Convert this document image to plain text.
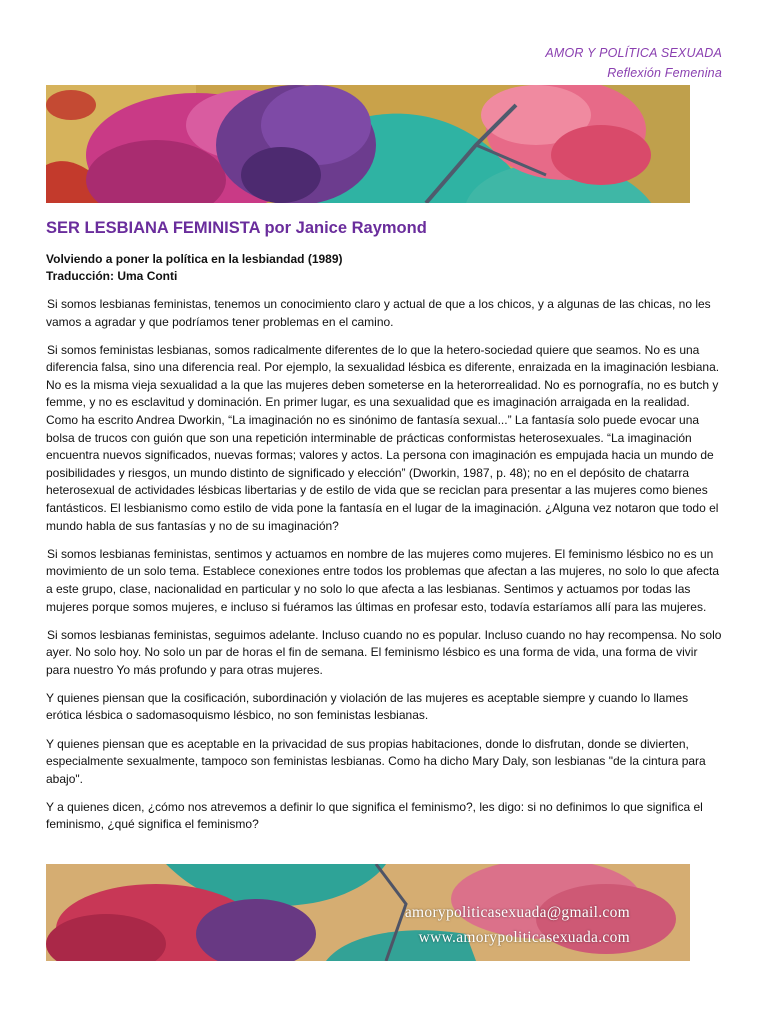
AMOR Y POLÍTICA SEXUADA
Reflexión Femenina
SER LESBIANA FEMINISTA por Janice Raymond
Volviendo a poner la política en la lesbiandad (1989)
Traducción: Uma Conti

Si somos lesbianas feministas, tenemos un conocimiento claro y actual de que a los chicos, y a algunas de las chicas, no les vamos a agradar y que podríamos tener problemas en el camino.

Si somos feministas lesbianas, somos radicalmente diferentes de lo que la hetero-sociedad quiere que seamos. No es una diferencia falsa, sino una diferencia real. Por ejemplo, la sexualidad lésbica es diferente, enraizada en la imaginación lesbiana. No es la misma vieja sexualidad a la que las mujeres deben someterse en la heterorrealidad. No es pornografía, no es butch y femme, y no es esclavitud y dominación. En primer lugar, es una sexualidad que es imaginación arraigada en la realidad. Como ha escrito Andrea Dworkin, “La imaginación no es sinónimo de fantasía sexual...” La fantasía solo puede evocar una bolsa de trucos con guión que son una repetición interminable de prácticas conformistas heterosexuales. “La imaginación encuentra nuevos significados, nuevas formas; valores y actos. La persona con imaginación es empujada hacia un mundo de posibilidades y riesgos, un mundo distinto de significado y elección” (Dworkin, 1987, p. 48); no en el depósito de chatarra heterosexual de actividades lésbicas libertarias y de estilo de vida que se reciclan para presentar a las mujeres como bienes fantásticos. El lesbianismo como estilo de vida pone la fantasía en el lugar de la imaginación. ¿Alguna vez notaron que todo el mundo habla de sus fantasías y no de su imaginación?

Si somos lesbianas feministas, sentimos y actuamos en nombre de las mujeres como mujeres. El feminismo lésbico no es un movimiento de un solo tema. Establece conexiones entre todos los problemas que afectan a las mujeres, no solo lo que afecta a este grupo, clase, nacionalidad en particular y no solo lo que afecta a las lesbianas. Sentimos y actuamos por todas las mujeres porque somos mujeres, e incluso si fuéramos las últimas en profesar esto, todavía estaríamos allí para las mujeres.

Si somos lesbianas feministas, seguimos adelante. Incluso cuando no es popular. Incluso cuando no hay recompensa. No solo ayer. No solo hoy. No solo un par de horas el fin de semana. El feminismo lésbico es una forma de vida, una forma de vivir para nuestro Yo más profundo y para otras mujeres.

Y quienes piensan que la cosificación, subordinación y violación de las mujeres es aceptable siempre y cuando lo llames erótica lésbica o sadomasoquismo lésbico, no son feministas lesbianas.

Y quienes piensan que es aceptable en la privacidad de sus propias habitaciones, donde lo disfrutan, donde se divierten, especialmente sexualmente, tampoco son feministas lesbianas. Como ha dicho Mary Daly, son lesbianas "de la cintura para abajo".

Y a quienes dicen, ¿cómo nos atrevemos a definir lo que significa el feminismo?, les digo: si no definimos lo que significa el feminismo, ¿qué significa el feminismo?

amorypoliticasexuada@gmail.com
www.amorypoliticasexuada.com
